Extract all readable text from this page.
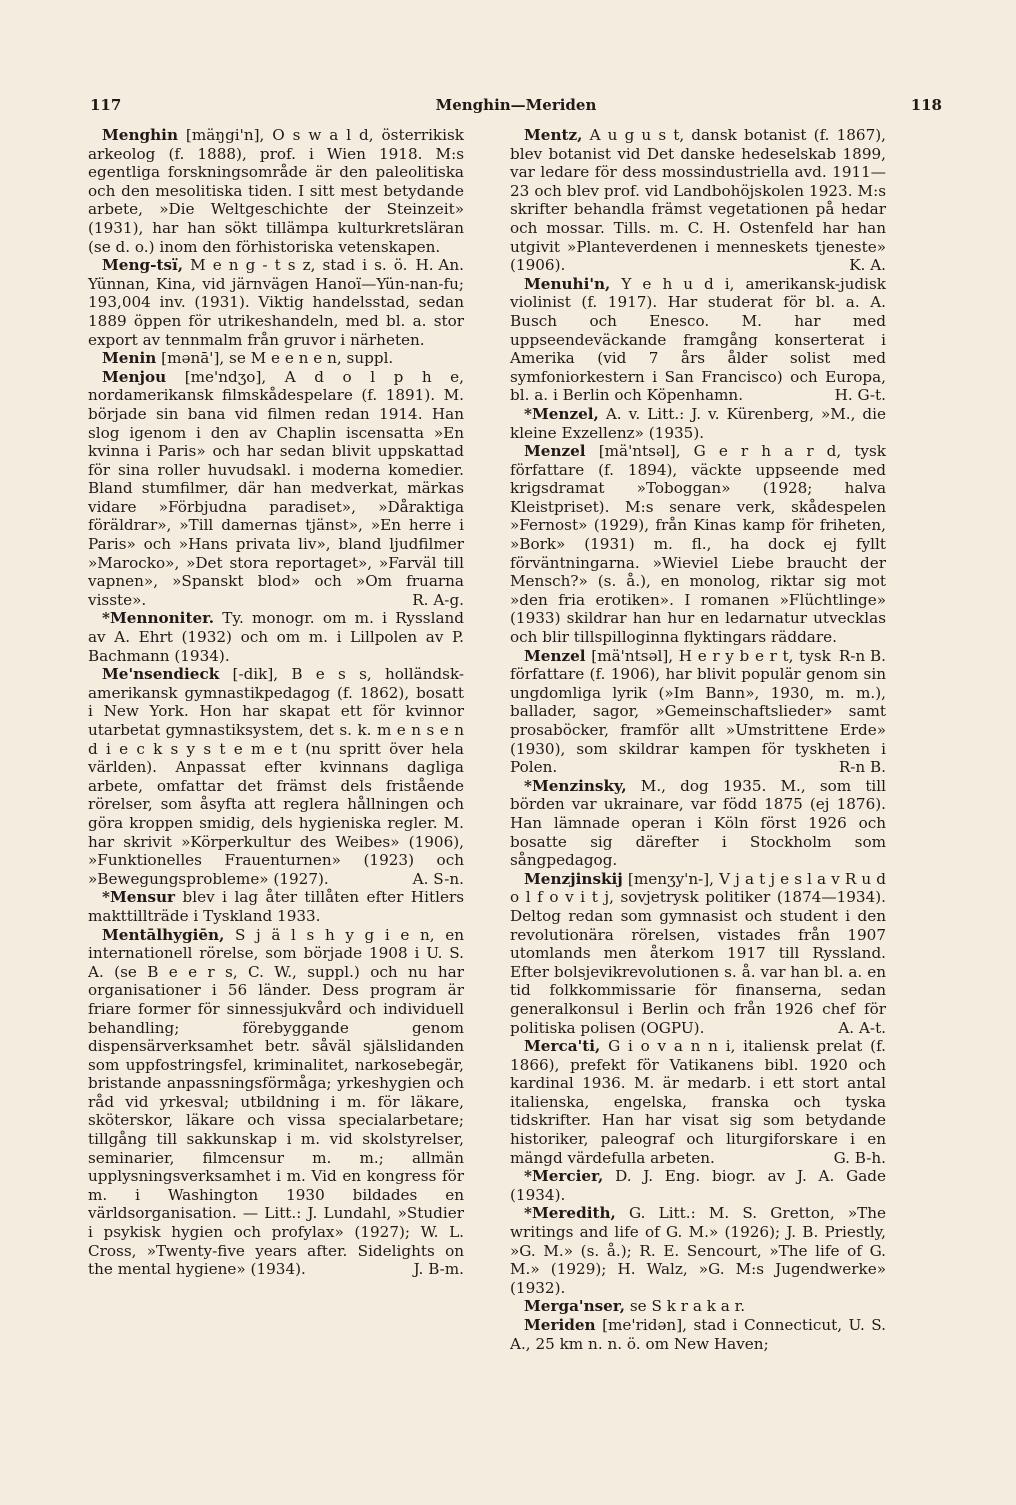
117	Menghin—Meriden	118

Menghin [mäŋgi'n], O s w a l d, österrikisk arkeolog (f. 1888), prof. i Wien 1918. M:s egentliga forskningsområde är den paleolitiska och den mesolitiska tiden. I sitt mest betydande arbete, »Die Weltgeschichte der Steinzeit» (1931), har han sökt tillämpa kulturkretsläran (se d. o.) inom den förhistoriska vetenskapen.
H. An.

Meng-tsï, M e n g - t s z, stad i s. ö. Yünnan, Kina, vid järnvägen Hanoï—Yün-nan-fu; 193,004 inv. (1931). Viktig handelsstad, sedan 1889 öppen för utrikeshandeln, med bl. a. stor export av tennmalm från gruvor i närheten.

Menin [mənā'], se M e e n e n, suppl.

Menjou [me'ndʒo], A d o l p h e, nordamerikansk filmskådespelare (f. 1891). M. började sin bana vid filmen redan 1914. Han slog igenom i den av Chaplin iscensatta »En kvinna i Paris» och har sedan blivit uppskattad för sina roller huvudsakl. i moderna komedier. Bland stumfilmer, där han medverkat, märkas vidare »Förbjudna paradiset», »Dåraktiga föräldrar», »Till damernas tjänst», »En herre i Paris» och »Hans privata liv», bland ljudfilmer »Marocko», »Det stora reportaget», »Farväl till vapnen», »Spanskt blod» och »Om fruarna visste».	R. A-g.

*Mennoniter. Ty. monogr. om m. i Ryssland av A. Ehrt (1932) och om m. i Lillpolen av P. Bachmann (1934).

Me'nsendieck [-dik], B e s s, holländsk-amerikansk gymnastikpedagog (f. 1862), bosatt i New York. Hon har skapat ett för kvinnor utarbetat gymnastiksystem, det s. k. m e n s e n d i e c k s y s t e m e t (nu spritt över hela världen). Anpassat efter kvinnans dagliga arbete, omfattar det främst dels fristående rörelser, som åsyfta att reglera hållningen och göra kroppen smidig, dels hygieniska regler. M. har skrivit »Körperkultur des Weibes» (1906), »Funktionelles Frauenturnen» (1923) och »Bewegungsprobleme» (1927).	A. S-n.

*Mensur blev i lag åter tillåten efter Hitlers makttillträde i Tyskland 1933.

Mentālhygiēn, S j ä l s h y g i e n, en internationell rörelse, som började 1908 i U. S. A. (se B e e r s, C. W., suppl.) och nu har organisationer i 56 länder. Dess program är friare former för sinnessjukvård och individuell behandling; förebyggande genom dispensärverksamhet betr. såväl själslidanden som uppfostringsfel, kriminalitet, narkosebegär, bristande anpassningsförmåga; yrkeshygien och råd vid yrkesval; utbildning i m. för läkare, sköterskor, läkare och vissa specialarbetare; tillgång till sakkunskap i m. vid skolstyrelser, seminarier, filmcensur m. m.; allmän upplysningsverksamhet i m. Vid en kongress för m. i Washington 1930 bildades en världsorganisation. — Litt.: J. Lundahl, »Studier i psykisk hygien och profylax» (1927); W. L. Cross, »Twenty-five years after. Sidelights on the mental hygiene» (1934).	J. B-m.

Mentz, A u g u s t, dansk botanist (f. 1867), blev botanist vid Det danske hedeselskab 1899, var ledare för dess mossindustriella avd. 1911—23 och blev prof. vid Landbohöjskolen 1923. M:s skrifter behandla främst vegetationen på hedar och mossar. Tills. m. C. H. Ostenfeld har han utgivit »Planteverdenen i menneskets tjeneste» (1906).	K. A.

Menuhi'n, Y e h u d i, amerikansk-judisk violinist (f. 1917). Har studerat för bl. a. A. Busch och Enesco. M. har med uppseendeväckande framgång konserterat i Amerika (vid 7 års ålder solist med symfoniorkestern i San Francisco) och Europa, bl. a. i Berlin och Köpenhamn.	H. G-t.

*Menzel, A. v. Litt.: J. v. Kürenberg, »M., die kleine Exzellenz» (1935).

Menzel [mä'ntsəl], G e r h a r d, tysk författare (f. 1894), väckte uppseende med krigsdramat »Toboggan» (1928; halva Kleistpriset). M:s senare verk, skådespelen »Fernost» (1929), från Kinas kamp för friheten, »Bork» (1931) m. fl., ha dock ej fyllt förväntningarna. »Wieviel Liebe braucht der Mensch?» (s. å.), en monolog, riktar sig mot »den fria erotiken». I romanen »Flüchtlinge» (1933) skildrar han hur en ledarnatur utvecklas och blir tillspilloginna flyktingars räddare.
R-n B.

Menzel [mä'ntsəl], H e r y b e r t, tysk författare (f. 1906), har blivit populär genom sin ungdomliga lyrik (»Im Bann», 1930, m. m.), ballader, sagor, »Gemeinschaftslieder» samt prosaböcker, framför allt »Umstrittene Erde» (1930), som skildrar kampen för tyskheten i Polen.	R-n B.

*Menzinsky, M., dog 1935. M., som till börden var ukrainare, var född 1875 (ej 1876). Han lämnade operan i Köln först 1926 och bosatte sig därefter i Stockholm som sångpedagog.

Menzjinskij [menʒy'n-], V j a t j e s l a v R u d o l f o v i t j, sovjetrysk politiker (1874—1934). Deltog redan som gymnasist och student i den revolutionära rörelsen, vistades från 1907 utomlands men återkom 1917 till Ryssland. Efter bolsjevikrevolutionen s. å. var han bl. a. en tid folkkommissarie för finanserna, sedan generalkonsul i Berlin och från 1926 chef för politiska polisen (OGPU).	A. A-t.

Merca'ti, G i o v a n n i, italiensk prelat (f. 1866), prefekt för Vatikanens bibl. 1920 och kardinal 1936. M. är medarb. i ett stort antal italienska, engelska, franska och tyska tidskrifter. Han har visat sig som betydande historiker, paleograf och liturgiforskare i en mängd värdefulla arbeten.	G. B-h.

*Mercier, D. J. Eng. biogr. av J. A. Gade (1934).

*Meredith, G. Litt.: M. S. Gretton, »The writings and life of G. M.» (1926); J. B. Priestly, »G. M.» (s. å.); R. E. Sencourt, »The life of G. M.» (1929); H. Walz, »G. M:s Jugendwerke» (1932).

Merga'nser, se S k r a k a r.

Meriden [me'ridən], stad i Connecticut, U. S. A., 25 km n. n. ö. om New Haven;
